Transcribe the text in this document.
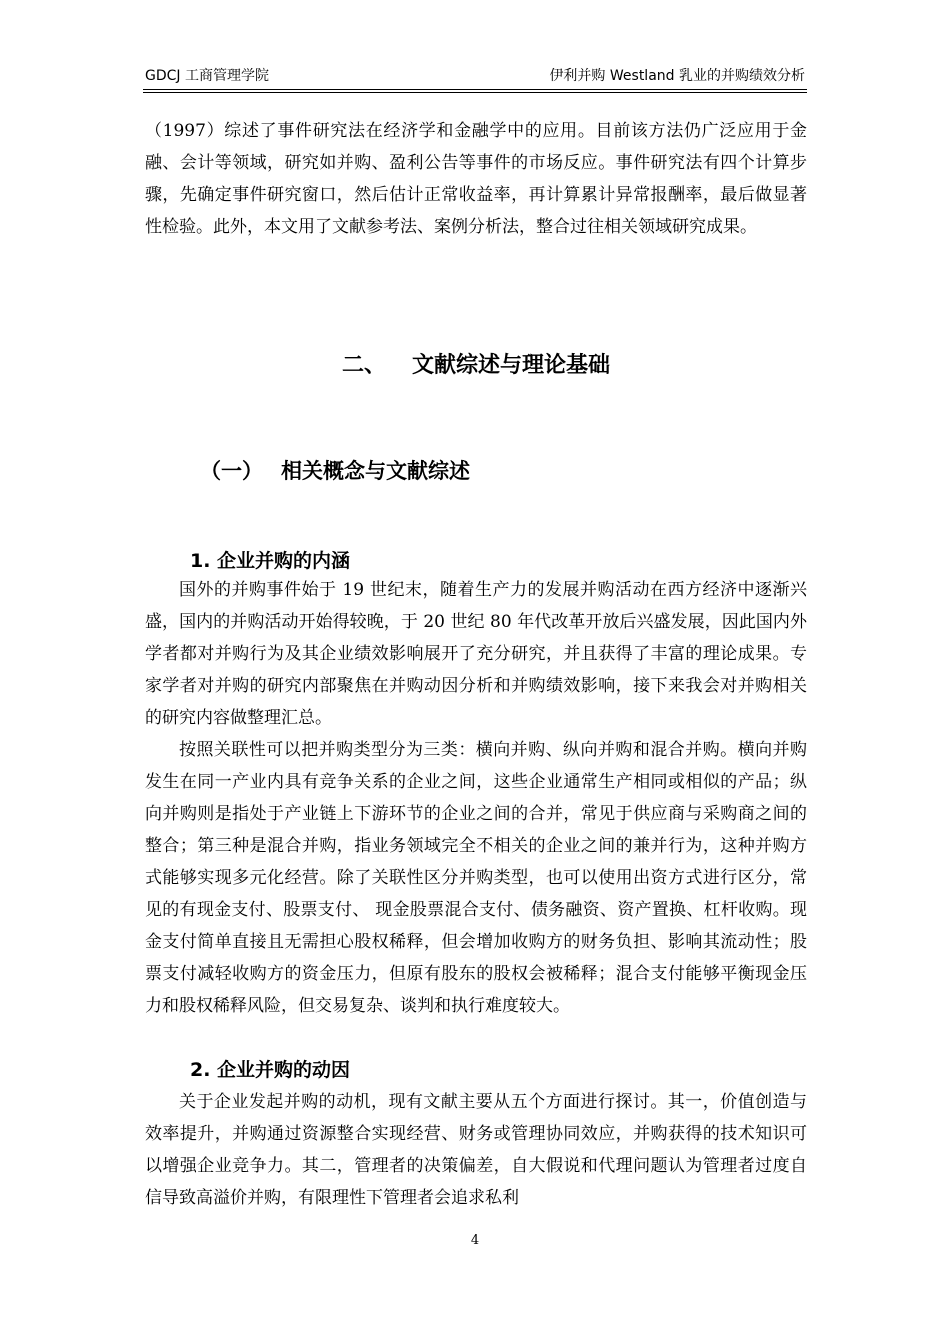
GDCJ 工商管理学院	伊利并购 Westland 乳业的并购绩效分析

（1997）综述了事件研究法在经济学和金融学中的应用。目前该方法仍广泛应用于金融、会计等领域，研究如并购、盈利公告等事件的市场反应。事件研究法有四个计算步骤，先确定事件研究窗口，然后估计正常收益率，再计算累计异常报酬率，最后做显著性检验。此外，本文用了文献参考法、案例分析法，整合过往相关领域研究成果。

二、 文献综述与理论基础
（一） 相关概念与文献综述
1. 企业并购的内涵

国外的并购事件始于 19 世纪末，随着生产力的发展并购活动在西方经济中逐渐兴盛，国内的并购活动开始得较晚，于 20 世纪 80 年代改革开放后兴盛发展，因此国内外学者都对并购行为及其企业绩效影响展开了充分研究，并且获得了丰富的理论成果。专家学者对并购的研究内部聚焦在并购动因分析和并购绩效影响，接下来我会对并购相关的研究内容做整理汇总。

按照关联性可以把并购类型分为三类：横向并购、纵向并购和混合并购。横向并购发生在同一产业内具有竞争关系的企业之间，这些企业通常生产相同或相似的产品；纵向并购则是指处于产业链上下游环节的企业之间的合并，常见于供应商与采购商之间的整合；第三种是混合并购，指业务领域完全不相关的企业之间的兼并行为，这种并购方式能够实现多元化经营。除了关联性区分并购类型，也可以使用出资方式进行区分，常见的有现金支付、股票支付、 现金股票混合支付、债务融资、资产置换、杠杆收购。现金支付简单直接且无需担心股权稀释，但会增加收购方的财务负担、影响其流动性；股票支付减轻收购方的资金压力，但原有股东的股权会被稀释；混合支付能够平衡现金压力和股权稀释风险，但交易复杂、谈判和执行难度较大。

2. 企业并购的动因

关于企业发起并购的动机，现有文献主要从五个方面进行探讨。其一，价值创造与效率提升，并购通过资源整合实现经营、财务或管理协同效应，并购获得的技术知识可以增强企业竞争力。其二，管理者的决策偏差，自大假说和代理问题认为管理者过度自信导致高溢价并购，有限理性下管理者会追求私利

4
